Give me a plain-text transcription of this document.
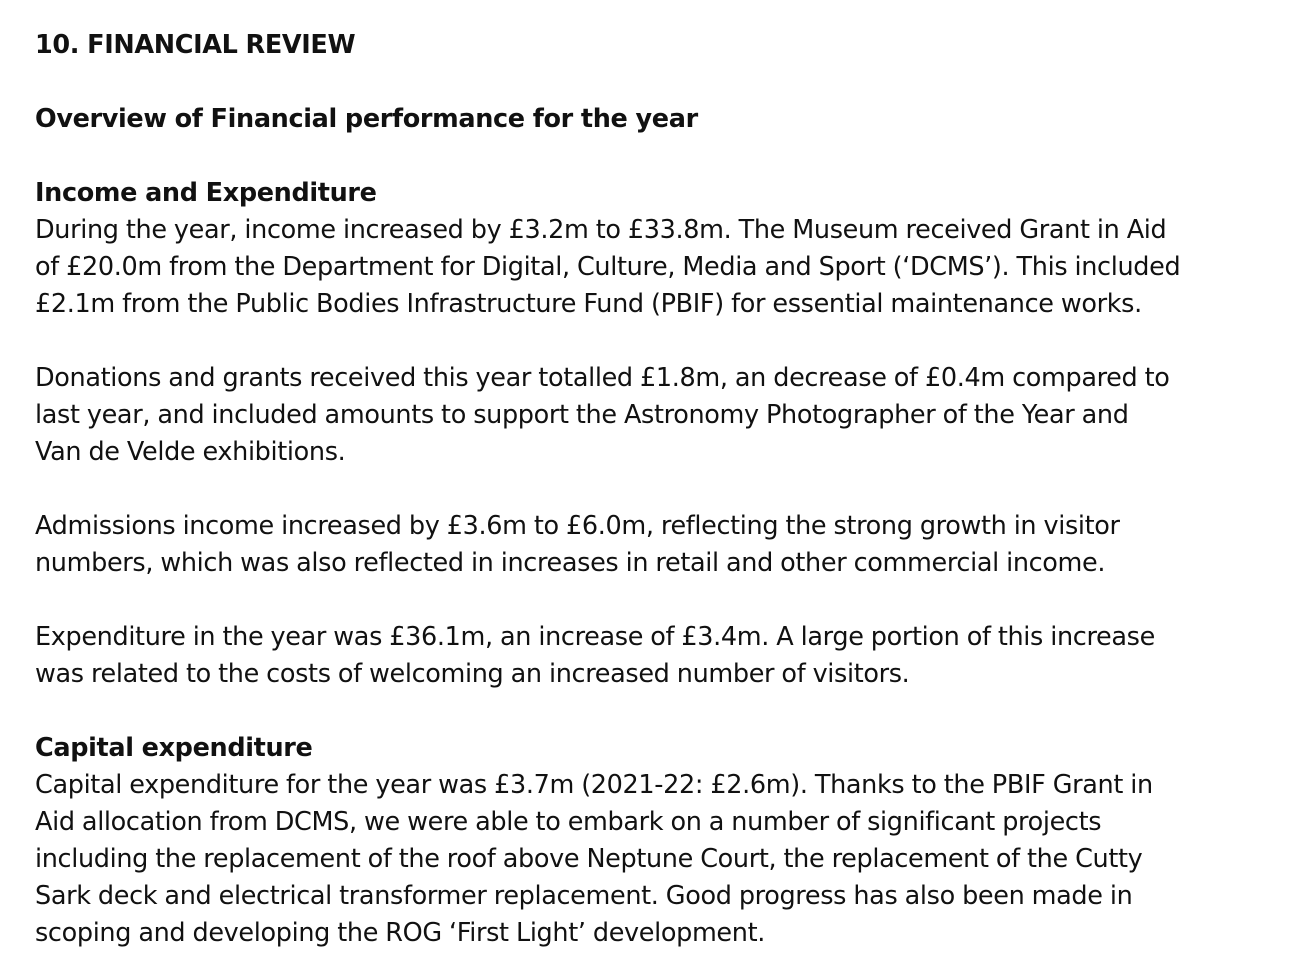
10. FINANCIAL REVIEW
Overview of Financial performance for the year
Income and Expenditure
During the year, income increased by £3.2m to £33.8m. The Museum received Grant in Aid
of £20.0m from the Department for Digital, Culture, Media and Sport (‘DCMS’). This included
£2.1m from the Public Bodies Infrastructure Fund (PBIF) for essential maintenance works.
Donations and grants received this year totalled £1.8m, an decrease of £0.4m compared to
last year, and included amounts to support the Astronomy Photographer of the Year and
Van de Velde exhibitions.
Admissions income increased by £3.6m to £6.0m, reflecting the strong growth in visitor
numbers, which was also reflected in increases in retail and other commercial income.
Expenditure in the year was £36.1m, an increase of £3.4m. A large portion of this increase
was related to the costs of welcoming an increased number of visitors.
Capital expenditure
Capital expenditure for the year was £3.7m (2021-22: £2.6m). Thanks to the PBIF Grant in
Aid allocation from DCMS, we were able to embark on a number of significant projects
including the replacement of the roof above Neptune Court, the replacement of the Cutty
Sark deck and electrical transformer replacement. Good progress has also been made in
scoping and developing the ROG ‘First Light’ development.
